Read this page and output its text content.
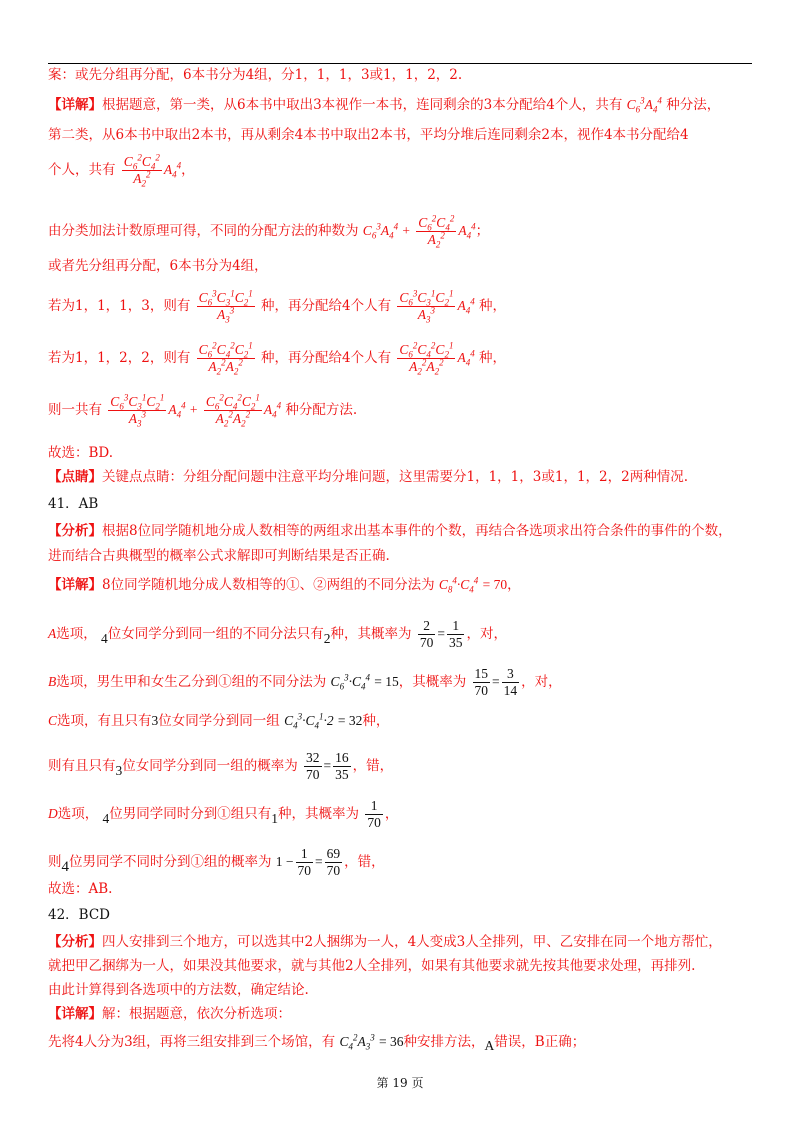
案：或先分组再分配，6本书分为4组，分1，1，1，3或1，1，2，2.
【详解】根据题意，第一类，从6本书中取出3本视作一本书，连同剩余的3本分配给4个人，共有 $C_6^3A_4^4$ 种分法，
第二类，从6本书中取出2本书，再从剩余4本书中取出2本书，平均分堆后连同剩余2本，视作4本书分配给4
个人，共有 $\frac{C_6^2C_4^2}{A_2^2} A_4^4$，
由分类加法计数原理可得，不同的分配方法的种数为 $C_6^3A_4^4 + \frac{C_6^2C_4^2}{A_2^2} A_4^4$；
或者先分组再分配，6本书分为4组，
若为1，1，1，3，则有 $\frac{C_6^3C_3^1C_2^1}{A_3^3}$ 种，再分配给4个人有 $\frac{C_6^3C_3^1C_2^1}{A_3^3} A_4^4$ 种，
若为1，1，2，2，则有 $\frac{C_6^2C_4^2C_2^1}{A_2^2A_2^2}$ 种，再分配给4个人有 $\frac{C_6^2C_4^2C_2^1}{A_2^2A_2^2} A_4^4$ 种，
则一共有 $\frac{C_6^3C_3^1C_2^1}{A_3^3} A_4^4 + \frac{C_6^2C_4^2C_2^1}{A_2^2A_2^2} A_4^4$ 种分配方法.
故选：BD.
【点睛】关键点点睛：分组分配问题中注意平均分堆问题，这里需要分1，1，1，3或1，1，2，2两种情况.
41．AB
【分析】根据8位同学随机地分成人数相等的两组求出基本事件的个数，再结合各选项求出符合条件的事件的个数，
进而结合古典概型的概率公式求解即可判断结果是否正确.
【详解】8位同学随机地分成人数相等的①、②两组的不同分法为 $C_8^4\cdot C_4^4 = 70$，
A选项， 4位女同学分到同一组的不同分法只有2种，其概率为 $\frac{2}{70} = \frac{1}{35}$ ，对，
B选项，男生甲和女生乙分到①组的不同分法为 $C_6^3\cdot C_4^4 = 15$，其概率为 $\frac{15}{70} = \frac{3}{14}$ ，对，
C选项，有且只有3位女同学分到同一组 $C_4^3\cdot C_4^1\cdot 2 = 32$种，
则有且只有3位女同学分到同一组的概率为 $\frac{32}{70} = \frac{16}{35}$ ，错，
D选项， 4位男同学同时分到①组只有1种，其概率为 $\frac{1}{70}$ ，
则4位男同学不同时分到①组的概率为 $1 - \frac{1}{70} = \frac{69}{70}$ ，错，
故选：AB.
42．BCD
【分析】四人安排到三个地方，可以选其中2人捆绑为一人，4人变成3人全排列，甲、乙安排在同一个地方帮忙，
就把甲乙捆绑为一人，如果没其他要求，就与其他2人全排列，如果有其他要求就先按其他要求处理，再排列.
由此计算得到各选项中的方法数，确定结论.
【详解】解：根据题意，依次分析选项：
先将4人分为3组，再将三组安排到三个场馆，有 $C_4^2A_3^3 = 36$种安排方法，A错误，B正确；
第 19 页
